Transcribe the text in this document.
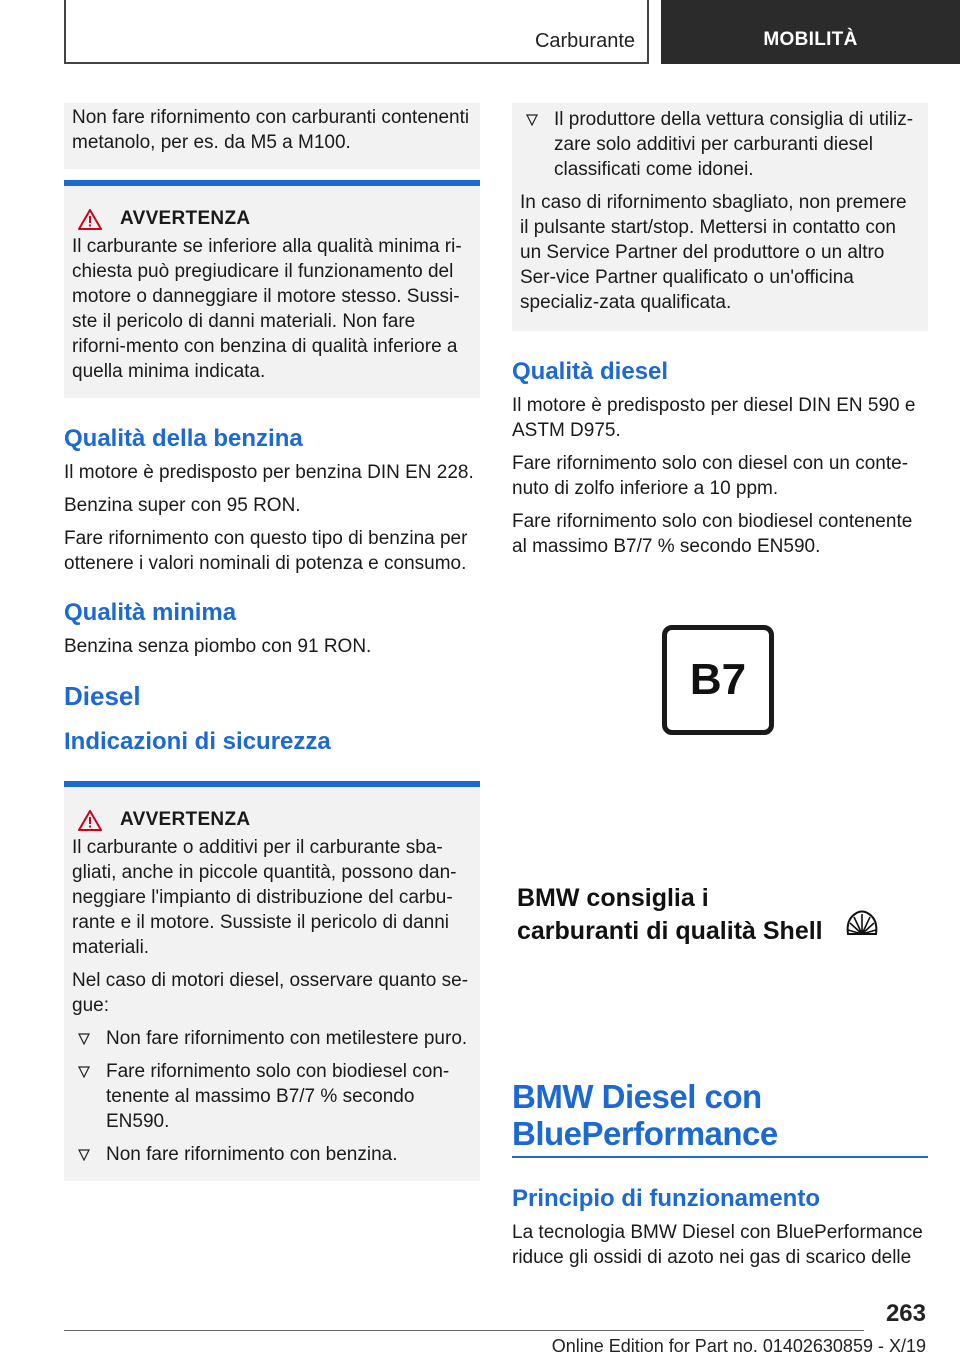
Carburante	MOBILITÀ

Non fare rifornimento con carburanti contenenti metanolo, per es. da M5 a M100.

AVVERTENZA

Il carburante se inferiore alla qualità minima ri-chiesta può pregiudicare il funzionamento del motore o danneggiare il motore stesso. Sussi-ste il pericolo di danni materiali. Non fare riforni-mento con benzina di qualità inferiore a quella minima indicata.

Qualità della benzina

Il motore è predisposto per benzina DIN EN 228.

Benzina super con 95 RON.

Fare rifornimento con questo tipo di benzina per ottenere i valori nominali di potenza e consumo.

Qualità minima

Benzina senza piombo con 91 RON.

Diesel
Indicazioni di sicurezza
AVVERTENZA

Il carburante o additivi per il carburante sba-gliati, anche in piccole quantità, possono dan-neggiare l'impianto di distribuzione del carbu-rante e il motore. Sussiste il pericolo di danni materiali.

Nel caso di motori diesel, osservare quanto se-gue:

Non fare rifornimento con metilestere puro.
Fare rifornimento solo con biodiesel con-tenente al massimo B7/7 % secondo EN590.
Non fare rifornimento con benzina.
Il produttore della vettura consiglia di utiliz-zare solo additivi per carburanti diesel classificati come idonei.

In caso di rifornimento sbagliato, non premere il pulsante start/stop. Mettersi in contatto con un Service Partner del produttore o un altro Ser-vice Partner qualificato o un'officina specializ-zata qualificata.

Qualità diesel

Il motore è predisposto per diesel DIN EN 590 e ASTM D975.

Fare rifornimento solo con diesel con un conte-nuto di zolfo inferiore a 10 ppm.

Fare rifornimento solo con biodiesel contenente al massimo B7/7 % secondo EN590.

B7
BMW consiglia i
carburanti di qualità Shell
BMW Diesel con BluePerformance
Principio di funzionamento

La tecnologia BMW Diesel con BluePerformance riduce gli ossidi di azoto nei gas di scarico delle

263
Online Edition for Part no. 01402630859 - X/19
